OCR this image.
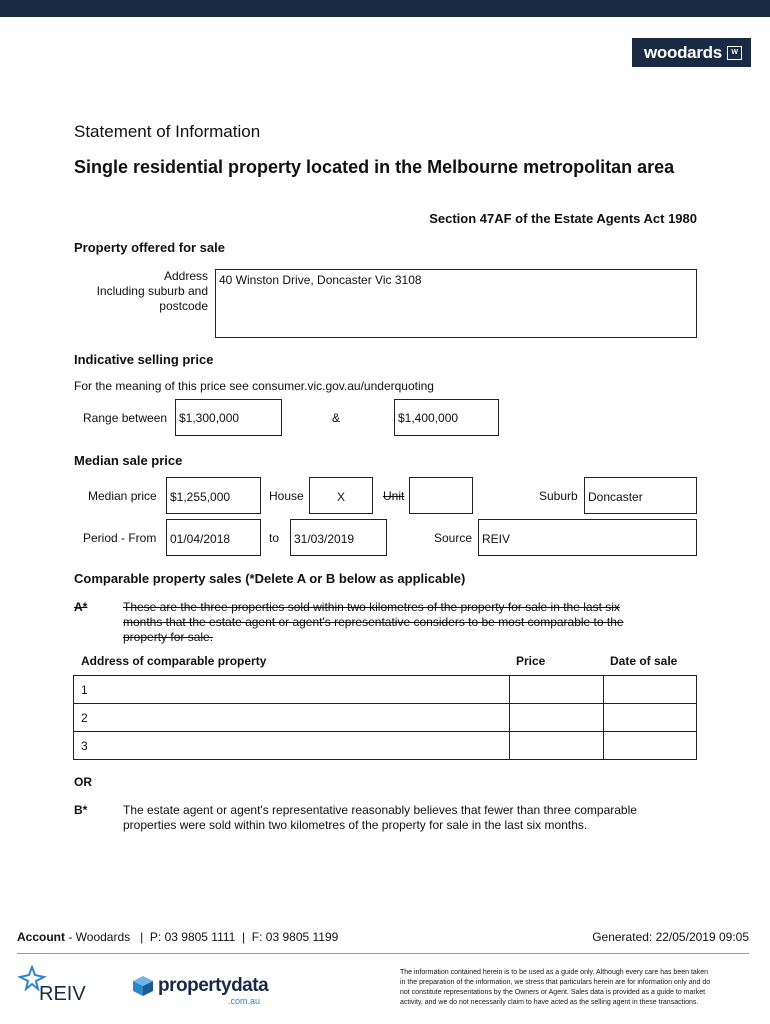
woodards	W
Statement of Information
Single residential property located in the Melbourne metropolitan area
Section 47AF of the Estate Agents Act 1980
Property offered for sale
Address
Including suburb and
postcode
40 Winston Drive, Doncaster Vic 3108
Indicative selling price
For the meaning of this price see consumer.vic.gov.au/underquoting
Range between $1,300,000	&	$1,400,000
Median sale price
Median price	$1,255,000	House	X	Unit	Suburb Doncaster
Period - From	01/04/2018	to	31/03/2019	Source REIV
Comparable property sales (*Delete A or B below as applicable)
A*	These are the three properties sold within two kilometres of the property for sale in the last six
months that the estate agent or agent's representative considers to be most comparable to the
property for sale.
Address of comparable property	Price	Date of sale
1		
2		
3		
OR
B*	The estate agent or agent's representative reasonably believes that fewer than three comparable
properties were sold within two kilometres of the property for sale in the last six months.
Account - Woodards   |  P: 03 9805 1111  |  F: 03 9805 1199	Generated: 22/05/2019 09:05
REIV	propertydata
.com.au
The information contained herein is to be used as a guide only. Although every care has been taken
in the preparation of the information, we stress that particulars herein are for information only and do
not constitute representations by the Owners or Agent. Sales data is provided as a guide to market
activity, and we do not necessarily claim to have acted as the selling agent in these transactions.
